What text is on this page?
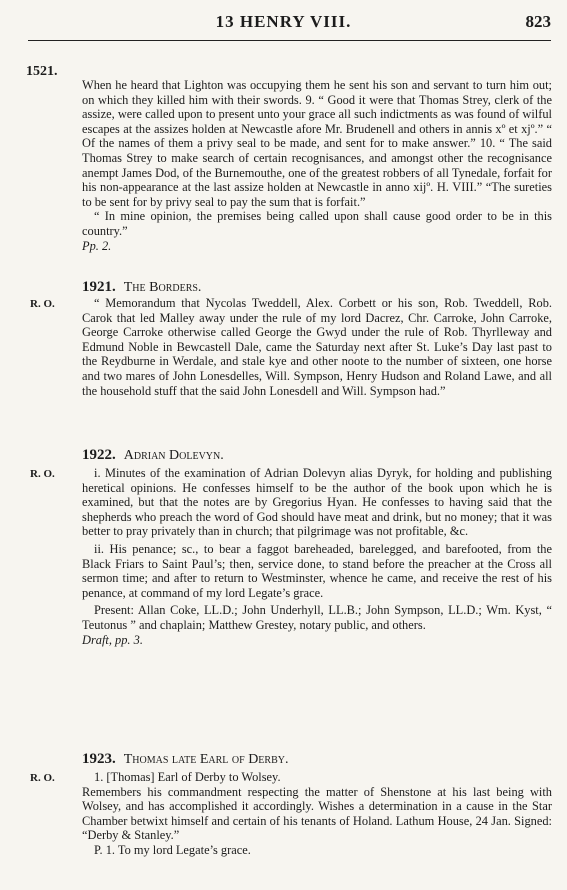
13 HENRY VIII.	823
1521.

When he heard that Lighton was occupying them he sent his son and servant to turn him out; on which they killed him with their swords. 9. “ Good it were that Thomas Strey, clerk of the assize, were called upon to present unto your grace all such indictments as was found of wilful escapes at the assizes holden at Newcastle afore Mr. Brudenell and others in annis xº et xjº.” “ Of the names of them a privy seal to be made, and sent for to make answer.” 10. “ The said Thomas Strey to make search of certain recognisances, and amongst other the recognisance anempt James Dod, of the Burnemouthe, one of the greatest robbers of all Tynedale, forfait for his non-appearance at the last assize holden at Newcastle in anno xijº. H. VIII.” “The sureties to be sent for by privy seal to pay the sum that is forfait.”

“ In mine opinion, the premises being called upon shall cause good order to be in this country.”

Pp. 2.

1921. The Borders.
R. O.	“ Memorandum that Nycolas Tweddell, Alex. Corbett or his son, Rob. Tweddell, Rob. Carok that led Malley away under the rule of my lord Dacrez, Chr. Carroke, John Carroke, George Carroke otherwise called George the Gwyd under the rule of Rob. Thyrlleway and Edmund Noble in Bewcastell Dale, came the Saturday next after St. Luke’s Day last past to the Reydburne in Werdale, and stale kye and other noote to the number of sixteen, one horse and two mares of John Lonesdelles, Will. Sympson, Henry Hudson and Roland Lawe, and all the household stuff that the said John Lonesdell and Will. Sympson had.”

1922. Adrian Dolevyn.
R. O.	i. Minutes of the examination of Adrian Dolevyn alias Dyryk, for holding and publishing heretical opinions. He confesses himself to be the author of the book upon which he is examined, but that the notes are by Gregorius Hyan. He confesses to having said that the shepherds who preach the word of God should have meat and drink, but no money; that it was better to pray privately than in church; that pilgrimage was not profitable, &c.

ii. His penance; sc., to bear a faggot bareheaded, barelegged, and barefooted, from the Black Friars to Saint Paul’s; then, service done, to stand before the preacher at the Cross all sermon time; and after to return to Westminster, whence he came, and receive the rest of his penance, at command of my lord Legate’s grace.

Present: Allan Coke, LL.D.; John Underhyll, LL.B.; John Sympson, LL.D.; Wm. Kyst, “ Teutonus ” and chaplain; Matthew Grestey, notary public, and others.

Draft, pp. 3.

1923. Thomas late Earl of Derby.
R. O.	1. [Thomas] Earl of Derby to Wolsey.

Remembers his commandment respecting the matter of Shenstone at his last being with Wolsey, and has accomplished it accordingly. Wishes a determination in a cause in the Star Chamber betwixt himself and certain of his tenants of Holand. Lathum House, 24 Jan. Signed: “Derby & Stanley.”

P. 1. To my lord Legate’s grace.
